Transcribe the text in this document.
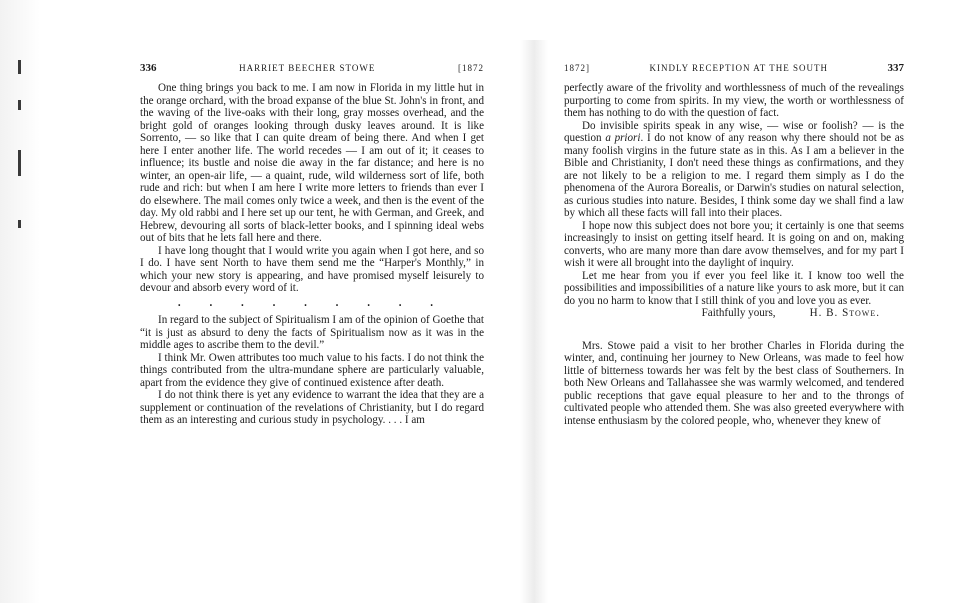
336	HARRIET BEECHER STOWE	[1872

One thing brings you back to me. I am now in Florida in my little hut in the orange orchard, with the broad expanse of the blue St. John's in front, and the waving of the live-oaks with their long, gray mosses overhead, and the bright gold of oranges looking through dusky leaves around. It is like Sorrento, — so like that I can quite dream of being there. And when I get here I enter another life. The world recedes — I am out of it; it ceases to influence; its bustle and noise die away in the far distance; and here is no winter, an open-air life, — a quaint, rude, wild wilderness sort of life, both rude and rich: but when I am here I write more letters to friends than ever I do elsewhere. The mail comes only twice a week, and then is the event of the day. My old rabbi and I here set up our tent, he with German, and Greek, and Hebrew, devouring all sorts of black-letter books, and I spinning ideal webs out of bits that he lets fall here and there.

I have long thought that I would write you again when I got here, and so I do. I have sent North to have them send me the “Harper's Monthly,” in which your new story is appearing, and have promised myself leisurely to devour and absorb every word of it.

. . . . . . . . .

In regard to the subject of Spiritualism I am of the opinion of Goethe that “it is just as absurd to deny the facts of Spiritualism now as it was in the middle ages to ascribe them to the devil.”

I think Mr. Owen attributes too much value to his facts. I do not think the things contributed from the ultra-mundane sphere are particularly valuable, apart from the evidence they give of continued existence after death.

I do not think there is yet any evidence to warrant the idea that they are a supplement or continuation of the revelations of Christianity, but I do regard them as an interesting and curious study in psychology. . . . I am

1872]	KINDLY RECEPTION AT THE SOUTH	337

perfectly aware of the frivolity and worthlessness of much of the revealings purporting to come from spirits. In my view, the worth or worthlessness of them has nothing to do with the question of fact.

Do invisible spirits speak in any wise, — wise or foolish? — is the question a priori. I do not know of any reason why there should not be as many foolish virgins in the future state as in this. As I am a believer in the Bible and Christianity, I don't need these things as confirmations, and they are not likely to be a religion to me. I regard them simply as I do the phenomena of the Aurora Borealis, or Darwin's studies on natural selection, as curious studies into nature. Besides, I think some day we shall find a law by which all these facts will fall into their places.

I hope now this subject does not bore you; it certainly is one that seems increasingly to insist on getting itself heard. It is going on and on, making converts, who are many more than dare avow themselves, and for my part I wish it were all brought into the daylight of inquiry.

Let me hear from you if ever you feel like it. I know too well the possibilities and impossibilities of a nature like yours to ask more, but it can do you no harm to know that I still think of you and love you as ever.

Faithfully yours,	H. B. Stowe.

Mrs. Stowe paid a visit to her brother Charles in Florida during the winter, and, continuing her journey to New Orleans, was made to feel how little of bitterness towards her was felt by the best class of Southerners. In both New Orleans and Tallahassee she was warmly welcomed, and tendered public receptions that gave equal pleasure to her and to the throngs of cultivated people who attended them. She was also greeted everywhere with intense enthusiasm by the colored people, who, whenever they knew of
